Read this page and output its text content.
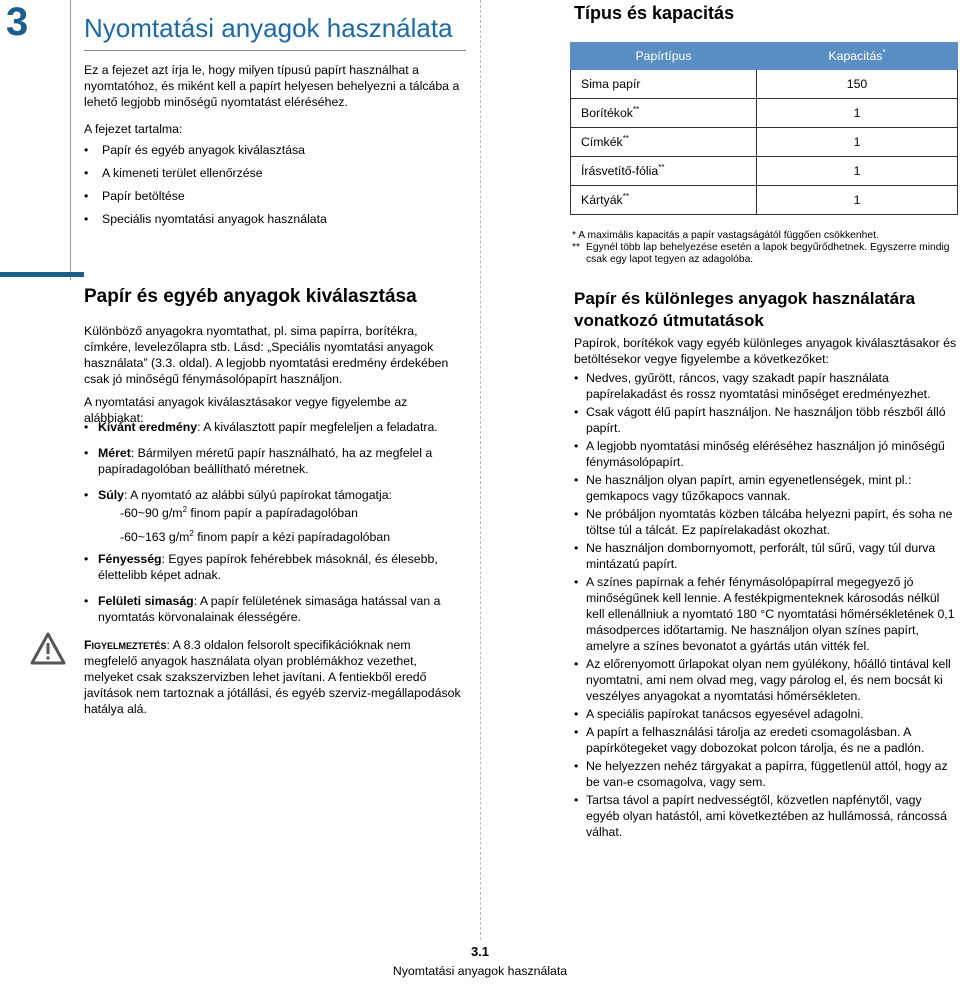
3 Nyomtatási anyagok használata
Ez a fejezet azt írja le, hogy milyen típusú papírt használhat a nyomtatóhoz, és miként kell a papírt helyesen behelyezni a tálcába a lehető legjobb minőségű nyomtatást eléréséhez.
A fejezet tartalma:
• Papír és egyéb anyagok kiválasztása
• A kimeneti terület ellenőrzése
• Papír betöltése
• Speciális nyomtatási anyagok használata
Papír és egyéb anyagok kiválasztása
Különböző anyagokra nyomtathat, pl. sima papírra, borítékra, címkére, levelezőlapra stb. Lásd: „Speciális nyomtatási anyagok használata” (3.3. oldal). A legjobb nyomtatási eredmény érdekében csak jó minőségű fénymásolópapírt használjon.
A nyomtatási anyagok kiválasztásakor vegye figyelembe az alábbiakat:
• Kívánt eredmény: A kiválasztott papír megfeleljen a feladatra.
• Méret: Bármilyen méretű papír használható, ha az megfelel a papíradagolóban beállítható méretnek.
• Súly: A nyomtató az alábbi súlyú papírokat támogatja:
-60~90 $g/m^2$ finom papír a papíradagolóban
-60~163 $g/m^2$ finom papír a kézi papíradagolóban
• Fényesség: Egyes papírok fehérebbek másoknál, és élesebb, élettelibb képet adnak.
• Felületi simaság: A papír felületének simasága hatással van a nyomtatás körvonalainak élességére.
Figyelmeztetés: A 8.3 oldalon felsorolt specifikációknak nem megfelelő anyagok használata olyan problémákhoz vezethet, melyeket csak szakszervizben lehet javítani. A fentiekből eredő javítások nem tartoznak a jótállási, és egyéb szerviz-megállapodások hatálya alá.
Típus és kapacitás
Papírtípus	Kapacitás*
Sima papír	150
Borítékok**	1
Címkék**	1
Írásvetítő-fólia**	1
Kártyák**	1
* A maximális kapacitás a papír vastagságától függően csökkenhet.
** Egynél több lap behelyezése esetén a lapok begyűrődhetnek. Egyszerre mindig csak egy lapot tegyen az adagolóba.
Papír és különleges anyagok használatára vonatkozó útmutatások
Papírok, borítékok vagy egyéb különleges anyagok kiválasztásakor és betöltésekor vegye figyelembe a következőket:
• Nedves, gyűrött, ráncos, vagy szakadt papír használata papírelakadást és rossz nyomtatási minőséget eredményezhet.
• Csak vágott élű papírt használjon. Ne használjon több részből álló papírt.
• A legjobb nyomtatási minőség eléréséhez használjon jó minőségű fénymásolópapírt.
• Ne használjon olyan papírt, amin egyenetlenségek, mint pl.: gemkapocs vagy tűzőkapocs vannak.
• Ne próbáljon nyomtatás közben tálcába helyezni papírt, és soha ne töltse túl a tálcát. Ez papírelakadást okozhat.
• Ne használjon dombornyomott, perforált, túl sűrű, vagy túl durva mintázatú papírt.
• A színes papírnak a fehér fénymásolópapírral megegyező jó minőségűnek kell lennie. A festékpigmenteknek károsodás nélkül kell ellenállniuk a nyomtató 180 °C nyomtatási hőmérsékletének 0,1 másodperces időtartamig. Ne használjon olyan színes papírt, amelyre a színes bevonatot a gyártás után vitték fel.
• Az előrenyomott űrlapokat olyan nem gyúlékony, hőálló tintával kell nyomtatni, ami nem olvad meg, vagy párolog el, és nem bocsát ki veszélyes anyagokat a nyomtatási hőmérsékleten.
• A speciális papírokat tanácsos egyesével adagolni.
• A papírt a felhasználási tárolja az eredeti csomagolásban. A papírkötegeket vagy dobozokat polcon tárolja, és ne a padlón.
• Ne helyezzen nehéz tárgyakat a papírra, függetlenül attól, hogy az be van-e csomagolva, vagy sem.
• Tartsa távol a papírt nedvességtől, közvetlen napfénytől, vagy egyéb olyan hatástól, ami következtében az hullámossá, ráncossá válhat.
3.1
Nyomtatási anyagok használata
